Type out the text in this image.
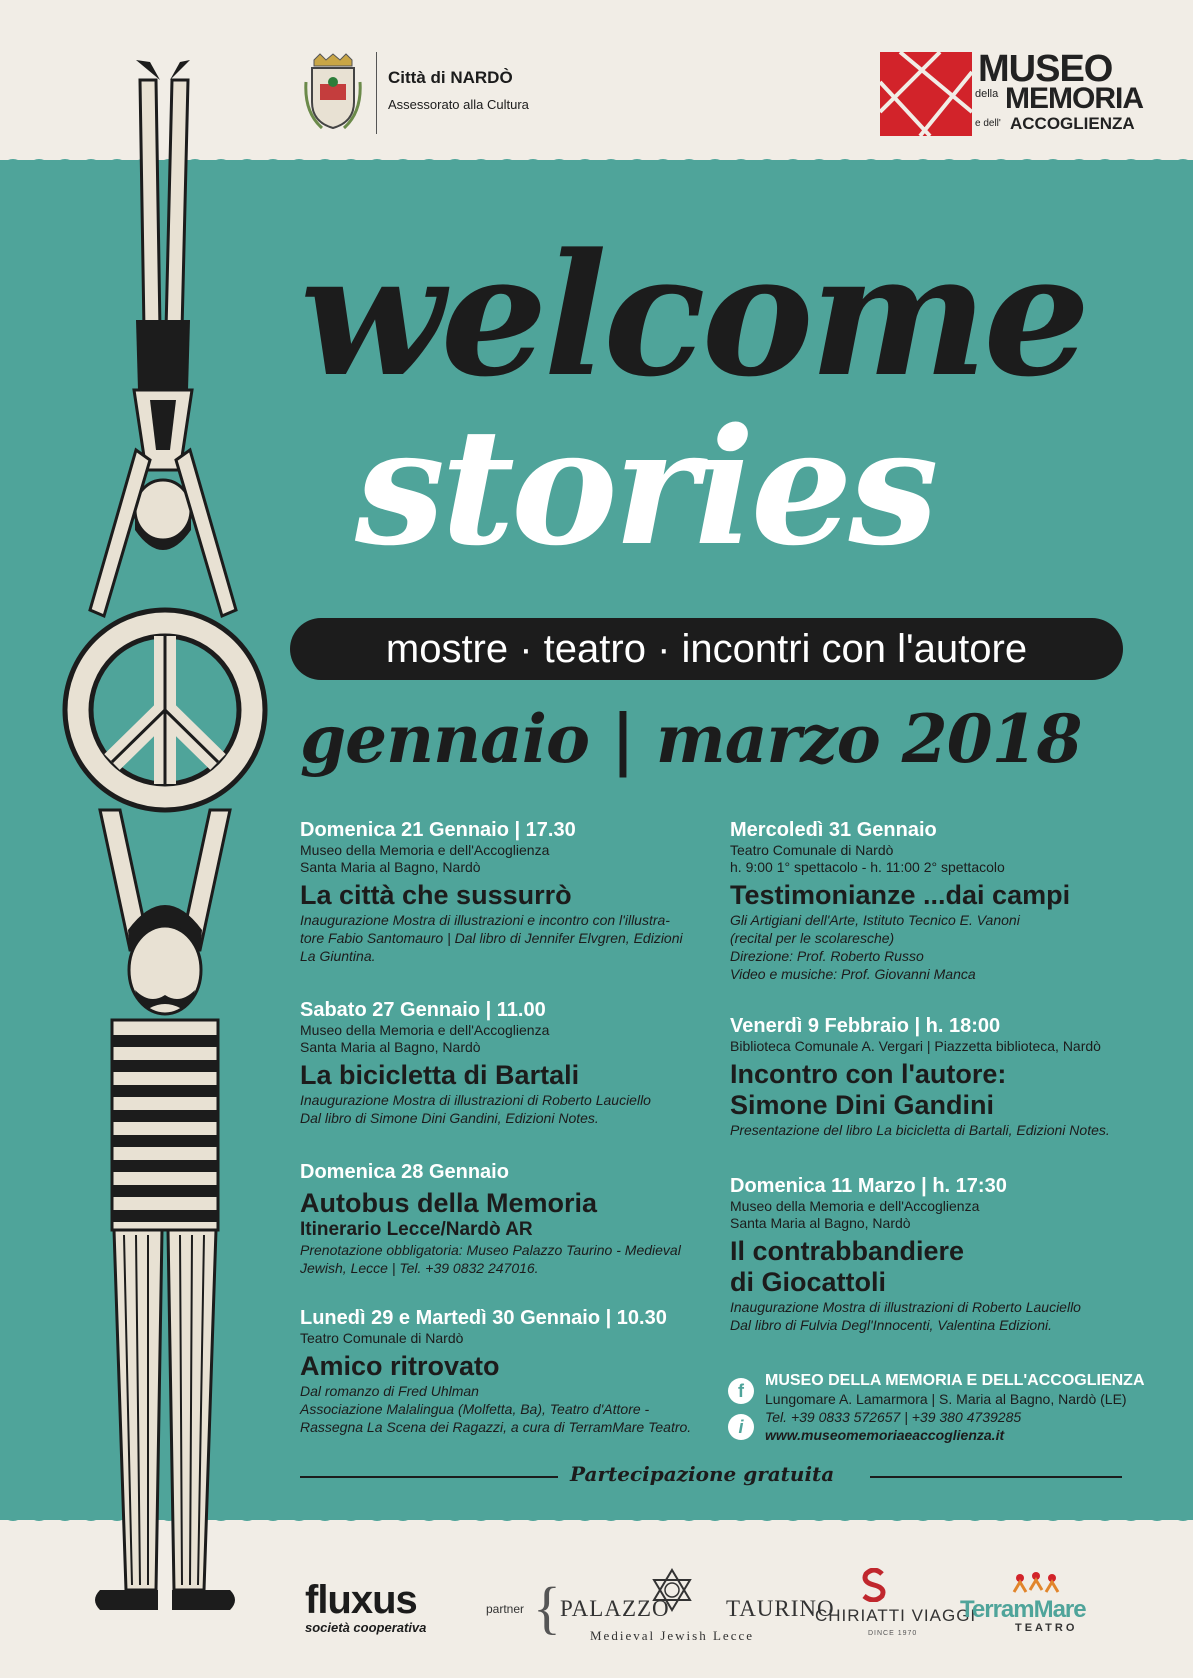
Città di NARDÒ
Assessorato alla Cultura
MUSEO
della MEMORIA
e dell' ACCOGLIENZA
welcome
stories
mostre · teatro · incontri con l'autore
gennaio | marzo 2018
Domenica 21 Gennaio | 17.30
Museo della Memoria e dell'Accoglienza
Santa Maria al Bagno, Nardò
La città che sussurrò
Inaugurazione Mostra di illustrazioni e incontro con l'illustra-
tore Fabio Santomauro | Dal libro di Jennifer Elvgren, Edizioni
La Giuntina.
Sabato 27 Gennaio | 11.00
Museo della Memoria e dell'Accoglienza
Santa Maria al Bagno, Nardò
La bicicletta di Bartali
Inaugurazione Mostra di illustrazioni di Roberto Lauciello
Dal libro di Simone Dini Gandini, Edizioni Notes.
Domenica 28 Gennaio
Autobus della Memoria
Itinerario Lecce/Nardò AR
Prenotazione obbligatoria: Museo Palazzo Taurino - Medieval
Jewish, Lecce | Tel. +39 0832 247016.
Lunedì 29 e Martedì 30 Gennaio | 10.30
Teatro Comunale di Nardò
Amico ritrovato
Dal romanzo di Fred Uhlman
Associazione Malalingua (Molfetta, Ba), Teatro d'Attore -
Rassegna La Scena dei Ragazzi, a cura di TerramMare Teatro.
Mercoledì 31 Gennaio
Teatro Comunale di Nardò
h. 9:00 1° spettacolo - h. 11:00 2° spettacolo
Testimonianze ...dai campi
Gli Artigiani dell'Arte, Istituto Tecnico E. Vanoni
(recital per le scolaresche)
Direzione: Prof. Roberto Russo
Video e musiche: Prof. Giovanni Manca
Venerdì 9 Febbraio | h. 18:00
Biblioteca Comunale A. Vergari | Piazzetta biblioteca, Nardò
Incontro con l'autore:
Simone Dini Gandini
Presentazione del libro La bicicletta di Bartali, Edizioni Notes.
Domenica 11 Marzo | h. 17:30
Museo della Memoria e dell'Accoglienza
Santa Maria al Bagno, Nardò
Il contrabbandiere
di Giocattoli
Inaugurazione Mostra di illustrazioni di Roberto Lauciello
Dal libro di Fulvia Degl'Innocenti, Valentina Edizioni.
f
i
MUSEO DELLA MEMORIA E DELL'ACCOGLIENZA
Lungomare A. Lamarmora | S. Maria al Bagno, Nardò (LE)
Tel. +39 0833 572657 | +39 380 4739285
www.museomemoriaeaccoglienza.it
Partecipazione gratuita
fluxus
società cooperativa
partner { PALAZZO TAURINO
Medieval Jewish Lecce
CHIRIATTI VIAGGI
DINCE 1970
TerramMare
TEATRO
